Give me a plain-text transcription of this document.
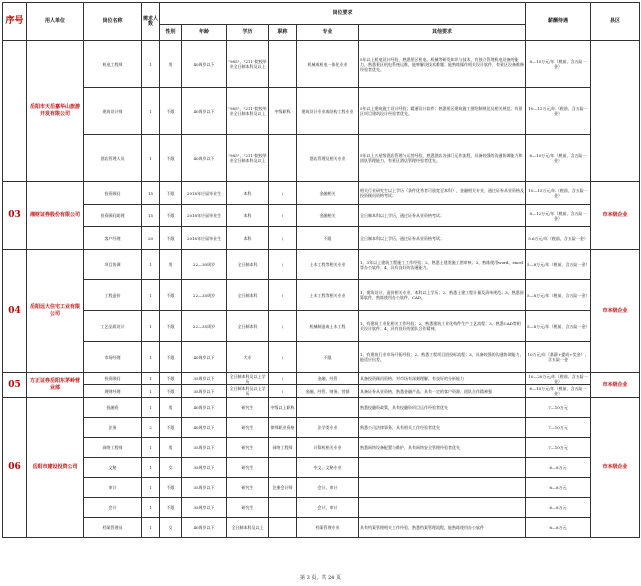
序号	用人单位	岗位名称	需求人数	岗位要求						薪酬待遇	县区
				性别	年龄	学历	职称	专业	其他要求		
	岳阳市天岳嘉华山旅游开发有限公司	机电工程师	1	男	40周岁以下	"985"、"211"院校毕业全日制本科及以上		机械或机电一体化专业	5年以上机电设计经验，熟悉景区机电、机械等研发知识与技术，有独立管理机电设备的能力，熟悉景区机电系统运维，能够解决技术难题；能熟练操作相关设计软件，有景区设备维修经验者优先。	8—10万元/年（税前，含五险一金）	
		建筑设计师	1	不限	40周岁以下	"985"、"211"院校毕业全日制本科及以上	中级职称	建筑设计专业或结构工程专业	5年以上建筑施工设计经验；精通设计软件；熟悉景区建筑施工图绘制规范及相关规范；有景区项目建筑设计经验者优先。	10—12万元/年（税前，含五险一金）	
		酒店管理人员	1	不限	40周岁以下	"985"、"211"院校毕业全日制本科及以上		酒店管理及相关专业	5年以上五星级酒店管理与运营经验，熟悉酒店各部门运作流程，具备较强的沟通协调能力和团队管理能力，有景区酒店管理经验者优先。	8—10万元/年（税前，含五险一金）	
03	湘财证券股份有限公司	投资顾问	15	不限	2018年应届毕业生	本科	\	金融相关	相关行业研究生以上学历（条件优秀者可放宽至本科），金融相关专业，通过证券从业资格及投资顾问资格考试；	10—15万元/年（税前，含五险一金）	市本级企业
		投资顾问助理	15	不限	2018年应届毕业生	本科	\	金融相关	全日制本科以上学历，通过证券从业资格考试；	8—12万元/年（税前，含五险一金）	
		客户经理	20	不限	2018年应届毕业生	本科	\	不限	全日制本科以上学历，通过证券从业资格考试；	5.6万元/年（税前，含五险一金）	
04	岳阳远大住宅工业有限公司	项目协调	1	男	22—30周岁	全日制本科	\	土木工程等相关专业	1、3年以上建筑工程施工工作经验；2、熟悉土建类施工图审核；3、熟练使用word、excel等办公软件；4、具有良好的沟通能力。	5—8万元/年（税前，含五险一金）	市本级企业
		工程造价	1	不限	22—35周岁	全日制本科	\	土木工程等相关专业	1、建筑设计、造价相关专业，本科以上学历；2、熟悉土建工程计量及清单规范；3、熟悉预算软件，熟练使用办公软件、CAD。	5—8万元/年（税前，含五险一金）	
		工艺品质设计	1	不限	22—35周岁	全日制本科	\	机械制造或土木工程	1、有建筑工业化相关工作经验；2、熟悉建筑工业化构件生产工艺流程；3、熟悉CAD等相关设计软件；4、具有良好的团队合作精神。	5—8万元/年（税前，含五险一金）	
		市场经理	1	不限	40周岁以下	大专	\	不限	1、有建筑行业市场开拓经验；2、熟悉工程项目招投标流程；3、具备较强的沟通协调能力，能适应出差。	10万元/年（基薪+提成+奖金），含五险一金	
05	方正证券岳阳东茅岭营业部	投资顾问	1	不限	35周岁以下	全日制本科及以上学历	\	金融、经管	具备投资顾问资格，对市场有深刻理解，有良好的分析能力	10—20万元/年（税前，含五险一金）	市本级企业
		理财经理	1	不限	35周岁以下	全日制本科及以上学历	\	金融、经管、财务、营销	具备证券从业资格，熟悉金融产品，具有一定的客户资源，团队合作精神强	6—10万元/年（税前，含五险一金）	
06	岳阳市建设投资公司	投融资	1	男	40周岁以下	研究生	中级以上职称		熟悉投融资政策，具有投融资项目运作经验者优先	7—10万元	市本级企业
		法务	2	不限	40周岁以下	研究生	律师职业资格	法学类专业	熟悉公司法律事务，具有相关工作经验者优先	7—10万元	
		网络工程师	1	男	35周岁以下	研究生	网络工程师	计算机相关专业	熟悉网络设备配置与维护，具有网络安全管理经验者优先	7—10万元	
		文秘	1	女	35周岁以下	研究生		中文、文秘专业		6—8万元	
		审计	1	不限	35周岁以下	研究生	注册会计师	会计、审计		6—8万元	
		会计	1	不限	35周岁以下	研究生		会计、审计		6—8万元	
		档案管理员	1	女	40周岁以下	全日制本科及以上		档案管理专业	具有档案管理相关工作经验，熟悉档案管理流程，能熟练使用办公软件	6—8万元	
第 3 页，共 24 页
